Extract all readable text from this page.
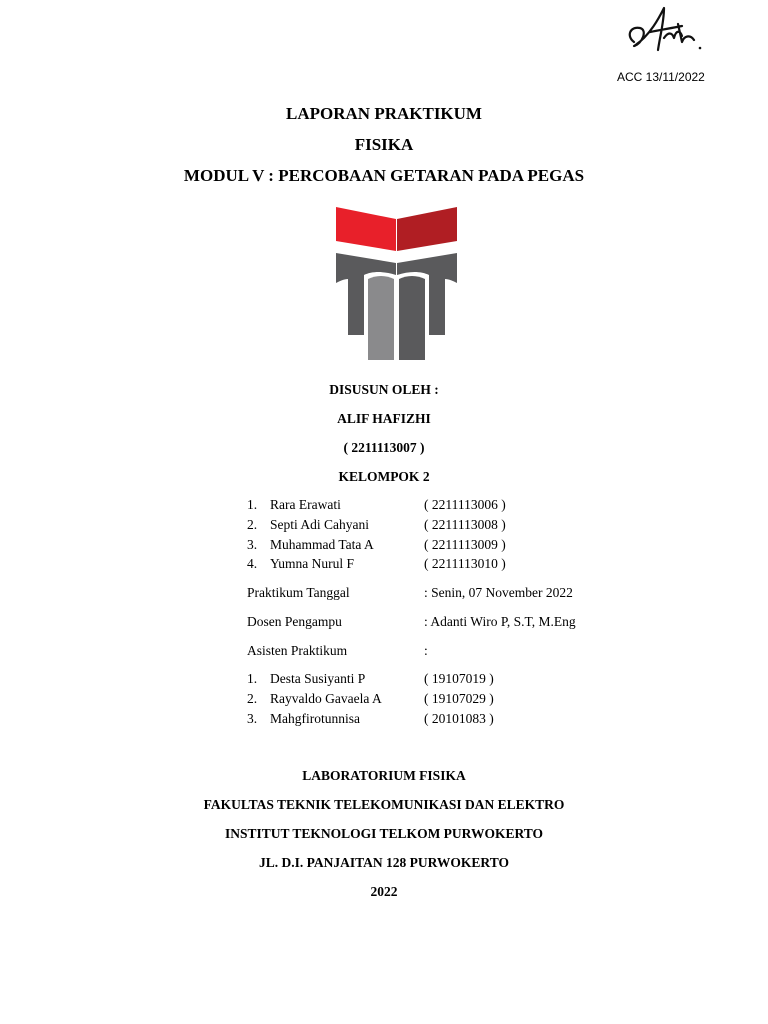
ACC 13/11/2022
LAPORAN PRAKTIKUM
FISIKA
MODUL V : PERCOBAAN GETARAN PADA PEGAS
DISUSUN OLEH :
ALIF HAFIZHI
( 2211113007 )
KELOMPOK 2
1. Rara Erawati	( 2211113006 )
2. Septi Adi Cahyani	( 2211113008 )
3. Muhammad Tata A	( 2211113009 )
4. Yumna Nurul F	( 2211113010 )
Praktikum Tanggal	: Senin, 07 November 2022
Dosen Pengampu	: Adanti Wiro P, S.T, M.Eng
Asisten Praktikum	:
1. Desta Susiyanti P	( 19107019 )
2. Rayvaldo Gavaela A	( 19107029 )
3. Mahgfirotunnisa	( 20101083 )
LABORATORIUM FISIKA
FAKULTAS TEKNIK TELEKOMUNIKASI DAN ELEKTRO
INSTITUT TEKNOLOGI TELKOM PURWOKERTO
JL. D.I. PANJAITAN 128 PURWOKERTO
2022
